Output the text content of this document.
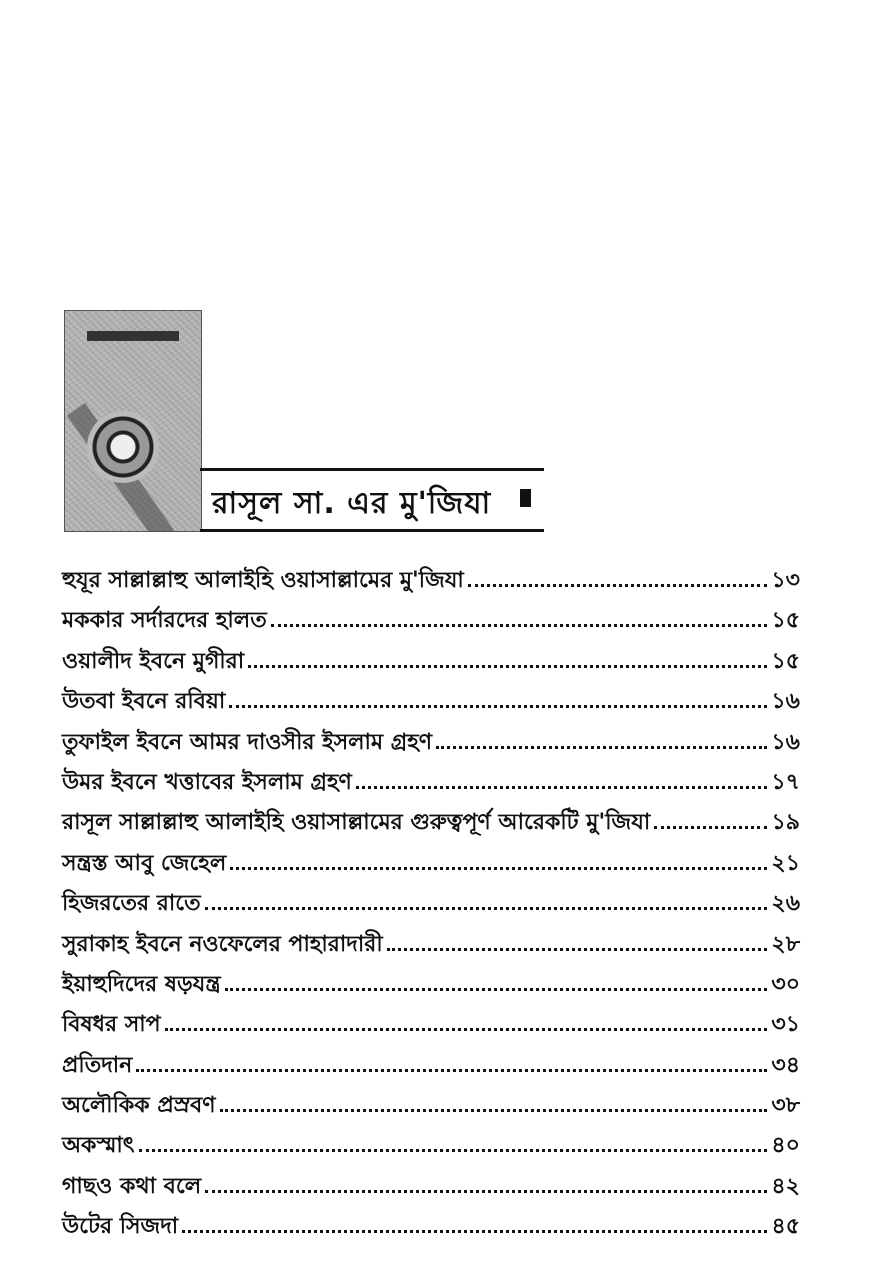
রাসূল সা. এর মু'জিযা
হুযূর সাল্লাল্লাহু আলাইহি ওয়াসাল্লামের মু'জিযা	১৩
মককার সর্দারদের হালত	১৫
ওয়ালীদ ইবনে মুগীরা	১৫
উতবা ইবনে রবিয়া	১৬
তুফাইল ইবনে আমর দাওসীর ইসলাম গ্রহণ	১৬
উমর ইবনে খত্তাবের ইসলাম গ্রহণ	১৭
রাসূল সাল্লাল্লাহু আলাইহি ওয়াসাল্লামের গুরুত্বপূর্ণ আরেকটি মু'জিযা	১৯
সন্ত্রস্ত আবু জেহেল	২১
হিজরতের রাতে	২৬
সুরাকাহ ইবনে নওফেলের পাহারাদারী	২৮
ইয়াহুদিদের ষড়যন্ত্র	৩০
বিষধর সাপ	৩১
প্রতিদান	৩৪
অলৌকিক প্রস্রবণ	৩৮
অকস্মাৎ	৪০
গাছও কথা বলে	৪২
উটের সিজদা	৪৫
